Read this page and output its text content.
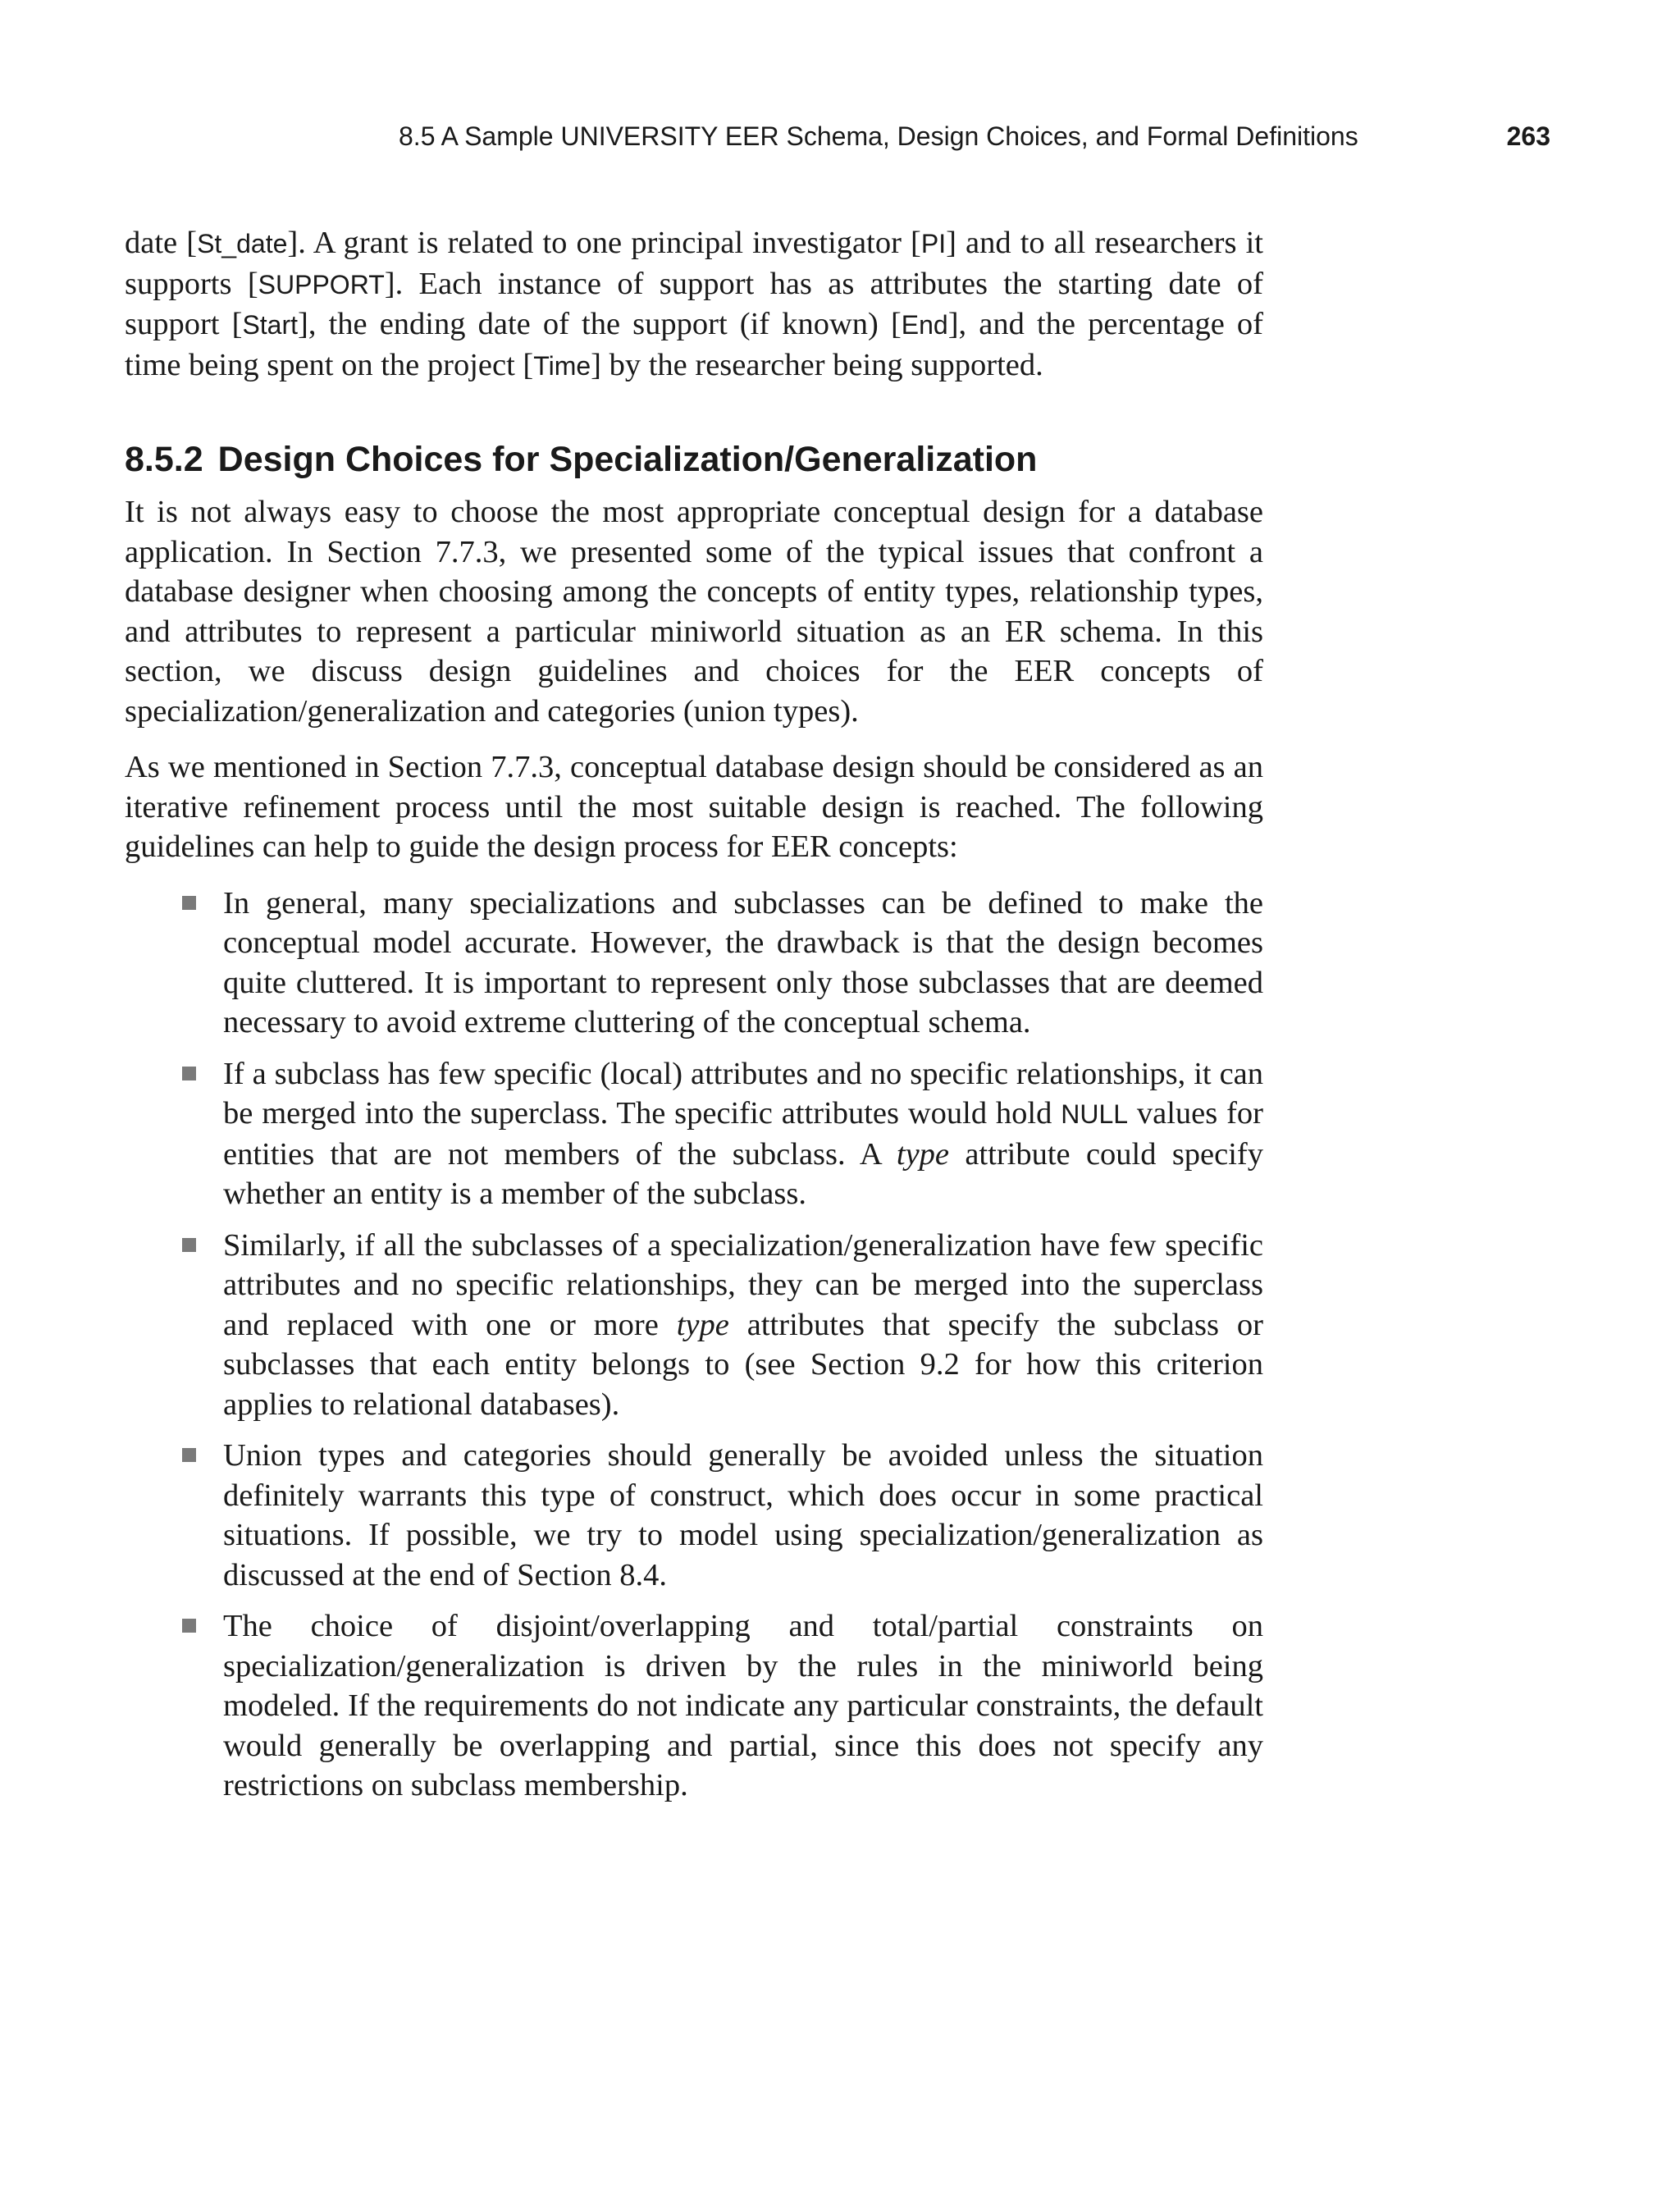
8.5 A Sample UNIVERSITY EER Schema, Design Choices, and Formal Definitions	263

date [St_date]. A grant is related to one principal investigator [PI] and to all researchers it supports [SUPPORT]. Each instance of support has as attributes the starting date of support [Start], the ending date of the support (if known) [End], and the percentage of time being spent on the project [Time] by the researcher being supported.

8.5.2 Design Choices for Specialization/Generalization

It is not always easy to choose the most appropriate conceptual design for a database application. In Section 7.7.3, we presented some of the typical issues that confront a database designer when choosing among the concepts of entity types, relationship types, and attributes to represent a particular miniworld situation as an ER schema. In this section, we discuss design guidelines and choices for the EER concepts of specialization/generalization and categories (union types).

As we mentioned in Section 7.7.3, conceptual database design should be considered as an iterative refinement process until the most suitable design is reached. The following guidelines can help to guide the design process for EER concepts:

In general, many specializations and subclasses can be defined to make the conceptual model accurate. However, the drawback is that the design becomes quite cluttered. It is important to represent only those subclasses that are deemed necessary to avoid extreme cluttering of the conceptual schema.
If a subclass has few specific (local) attributes and no specific relationships, it can be merged into the superclass. The specific attributes would hold NULL values for entities that are not members of the subclass. A type attribute could specify whether an entity is a member of the subclass.
Similarly, if all the subclasses of a specialization/generalization have few specific attributes and no specific relationships, they can be merged into the superclass and replaced with one or more type attributes that specify the subclass or subclasses that each entity belongs to (see Section 9.2 for how this criterion applies to relational databases).
Union types and categories should generally be avoided unless the situation definitely warrants this type of construct, which does occur in some practical situations. If possible, we try to model using specialization/generalization as discussed at the end of Section 8.4.
The choice of disjoint/overlapping and total/partial constraints on specialization/generalization is driven by the rules in the miniworld being modeled. If the requirements do not indicate any particular constraints, the default would generally be overlapping and partial, since this does not specify any restrictions on subclass membership.
